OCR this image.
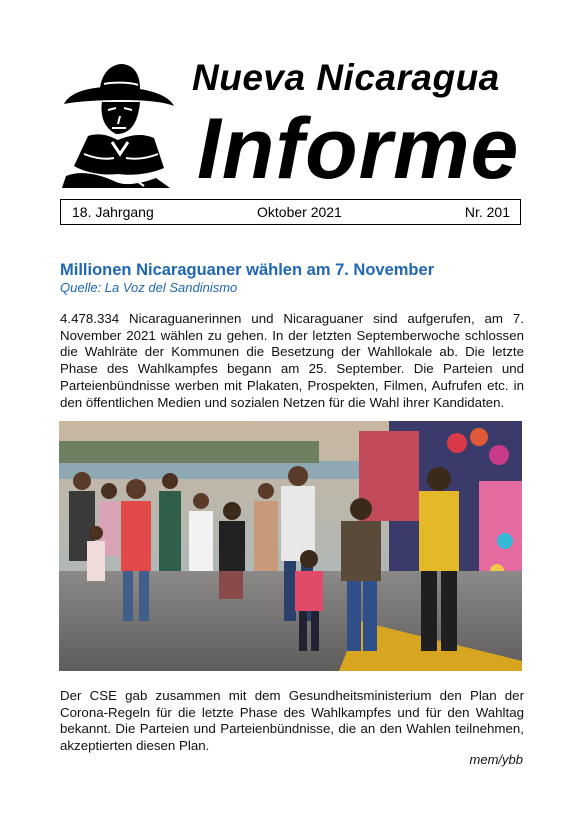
Nueva Nicaragua
Informe
18. Jahrgang	Oktober 2021	Nr. 201
Millionen Nicaraguaner wählen am 7. November
Quelle: La Voz del Sandinismo

4.478.334 Nicaraguanerinnen und Nicaraguaner sind aufgerufen, am 7. November 2021 wählen zu gehen. In der letzten Septemberwoche schlossen die Wahlräte der Kommunen die Besetzung der Wahllokale ab. Die letzte Phase des Wahlkampfes begann am 25. September. Die Parteien und Parteienbündnisse werben mit Plakaten, Prospekten, Filmen, Aufrufen etc. in den öffentlichen Medien und sozialen Netzen für die Wahl ihrer Kandidaten.

Der CSE gab zusammen mit dem Gesundheitsministerium den Plan der Corona-Regeln für die letzte Phase des Wahlkampfes und für den Wahltag bekannt. Die Parteien und Parteienbündnisse, die an den Wahlen teilnehmen, akzeptierten diesen Plan.

mem/ybb
